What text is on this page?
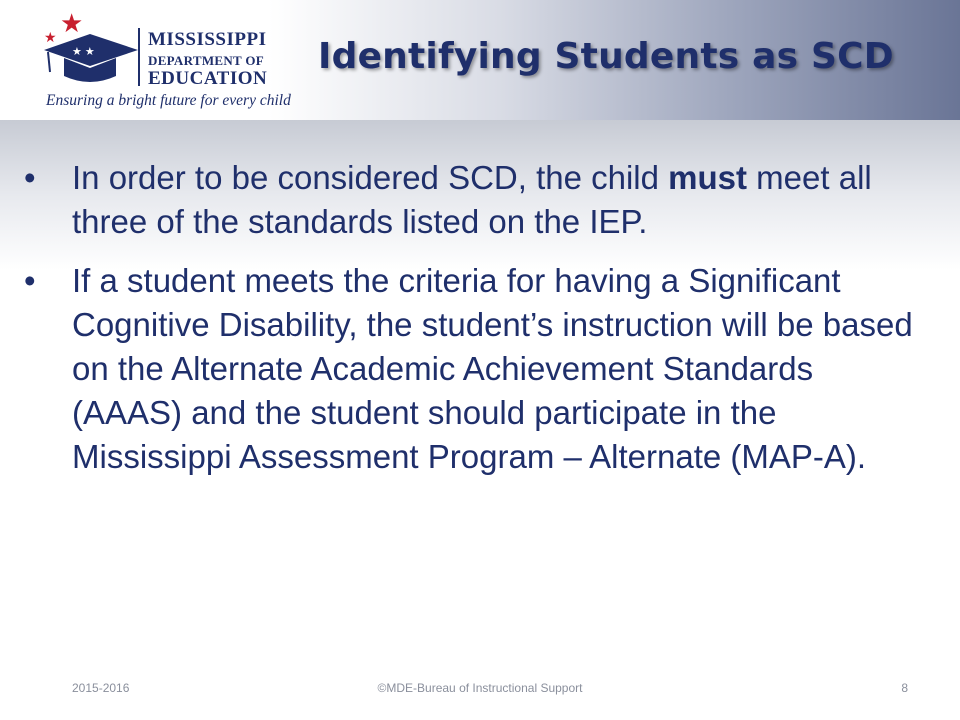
★
★
★ ★
MISSISSIPPI
DEPARTMENT OF
EDUCATION
Ensuring a bright future for every child
Identifying Students as SCD
• In order to be considered SCD, the child must meet all three of the standards listed on the IEP.
• If a student meets the criteria for having a Significant Cognitive Disability, the student’s instruction will be based on the Alternate Academic Achievement Standards (AAAS) and the student should participate in the Mississippi Assessment Program – Alternate (MAP-A).
2015-2016	©MDE-Bureau of Instructional Support	8
